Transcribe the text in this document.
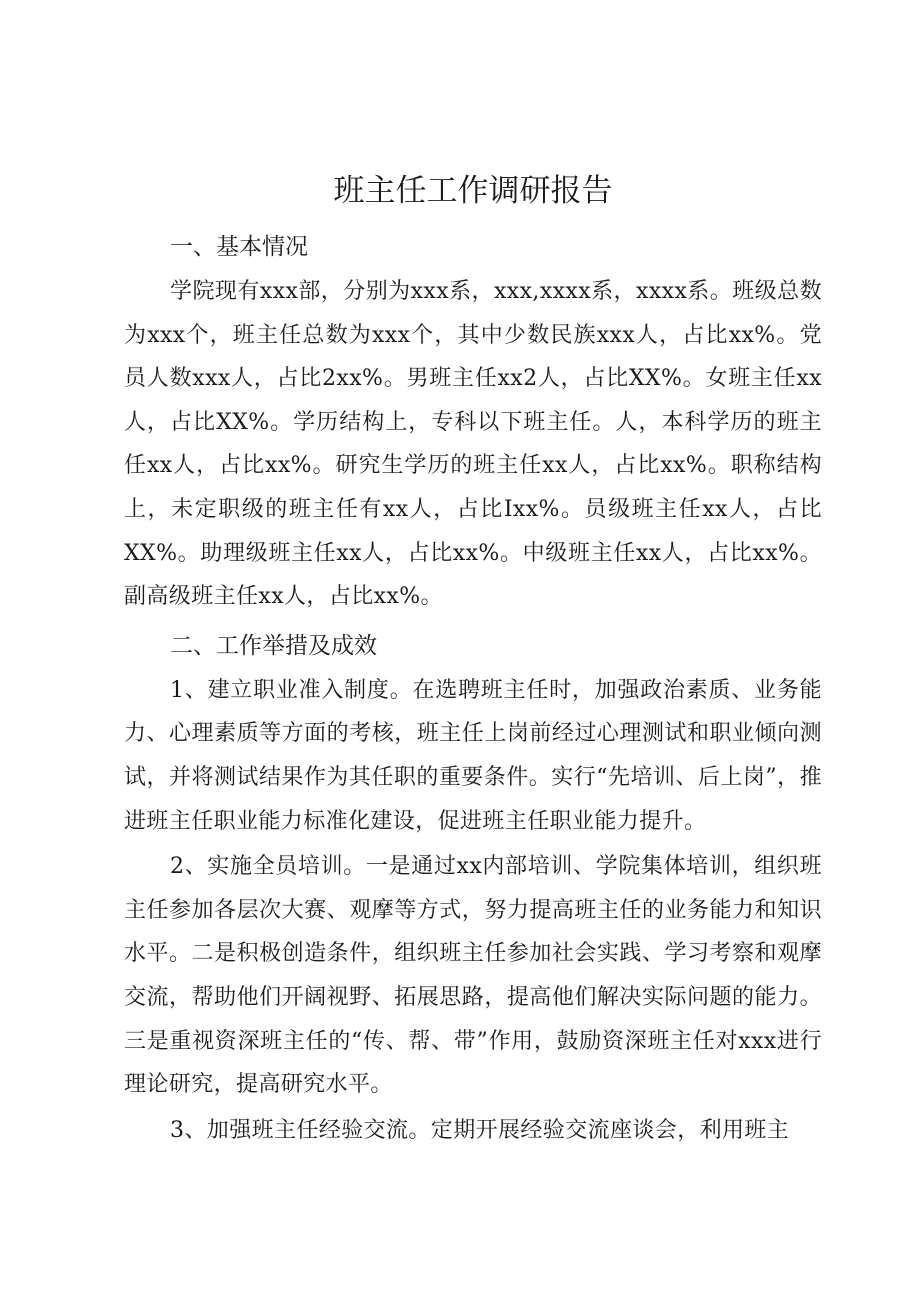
班主任工作调研报告
一、基本情况

学院现有xxx部，分别为xxx系，xxx,xxxx系，xxxx系。班级总数为xxx个，班主任总数为xxx个，其中少数民族xxx人，占比xx%。党员人数xxx人，占比2xx%。男班主任xx2人，占比XX%。女班主任xx人，占比XX%。学历结构上，专科以下班主任。人，本科学历的班主任xx人，占比xx%。研究生学历的班主任xx人，占比xx%。职称结构上，未定职级的班主任有xx人，占比Ixx%。员级班主任xx人，占比XX%。助理级班主任xx人，占比xx%。中级班主任xx人，占比xx%。副高级班主任xx人，占比xx%。

二、工作举措及成效

1、建立职业准入制度。在选聘班主任时，加强政治素质、业务能力、心理素质等方面的考核，班主任上岗前经过心理测试和职业倾向测试，并将测试结果作为其任职的重要条件。实行“先培训、后上岗”，推进班主任职业能力标准化建设，促进班主任职业能力提升。

2、实施全员培训。一是通过xx内部培训、学院集体培训，组织班主任参加各层次大赛、观摩等方式，努力提高班主任的业务能力和知识水平。二是积极创造条件，组织班主任参加社会实践、学习考察和观摩交流，帮助他们开阔视野、拓展思路，提高他们解决实际问题的能力。三是重视资深班主任的“传、帮、带”作用，鼓励资深班主任对xxx进行理论研究，提高研究水平。

3、加强班主任经验交流。定期开展经验交流座谈会，利用班主
